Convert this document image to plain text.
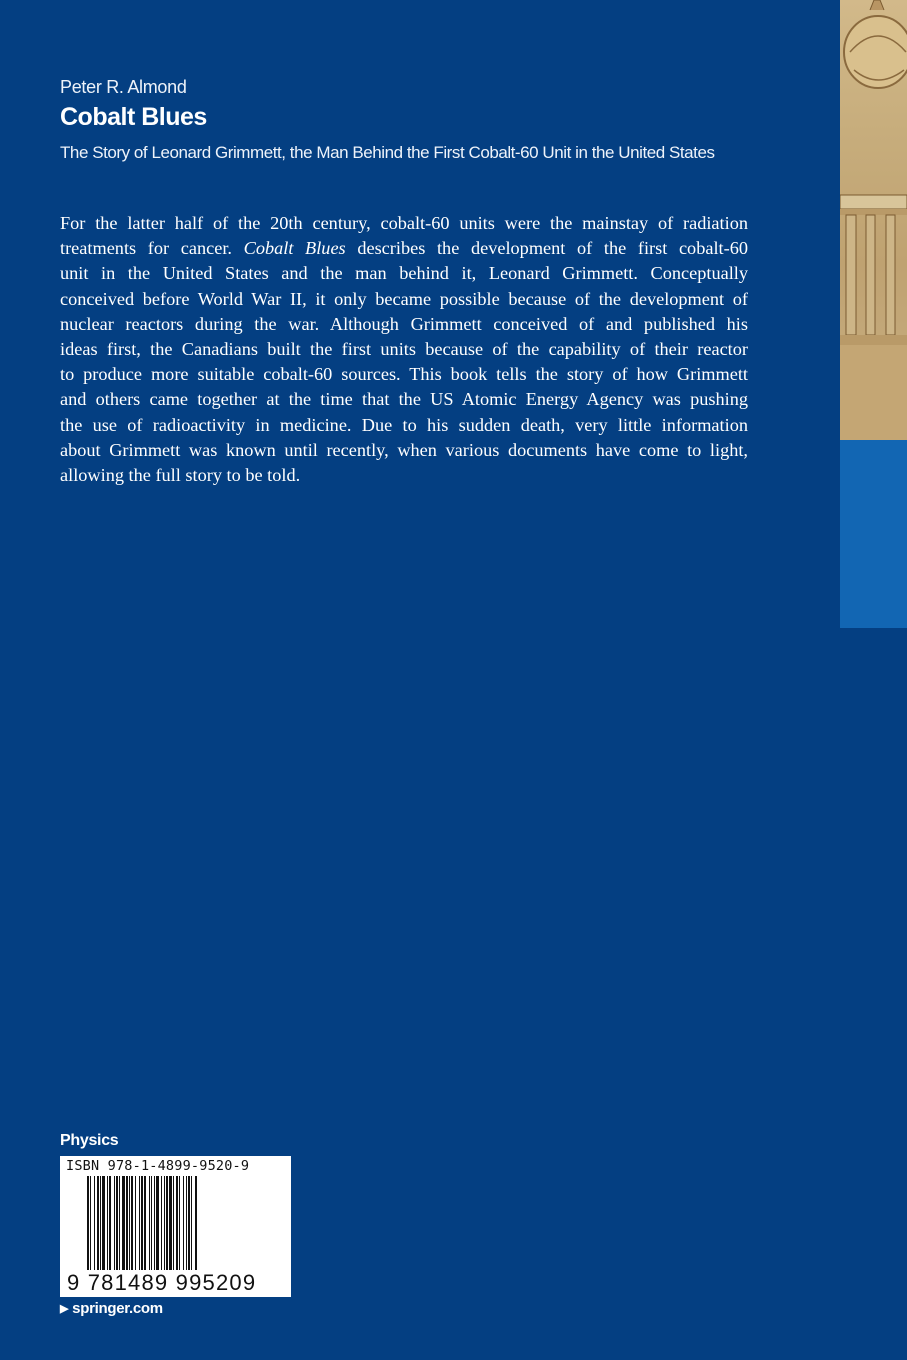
Peter R. Almond
Cobalt Blues
The Story of Leonard Grimmett, the Man Behind the First Cobalt-60 Unit in the United States
For the latter half of the 20th century, cobalt-60 units were the mainstay of radiation
treatments for cancer. Cobalt Blues describes the development of the first cobalt-60
unit in the United States and the man behind it, Leonard Grimmett. Conceptually
conceived before World War II, it only became possible because of the development of
nuclear reactors during the war. Although Grimmett conceived of and published his
ideas first, the Canadians built the first units because of the capability of their reactor
to produce more suitable cobalt-60 sources. This book tells the story of how Grimmett
and others came together at the time that the US Atomic Energy Agency was pushing
the use of radioactivity in medicine. Due to his sudden death, very little information
about Grimmett was known until recently, when various documents have come to light,
allowing the full story to be told.
Physics
ISBN 978-1-4899-9520-9
9 781489 995209
▶ springer.com
